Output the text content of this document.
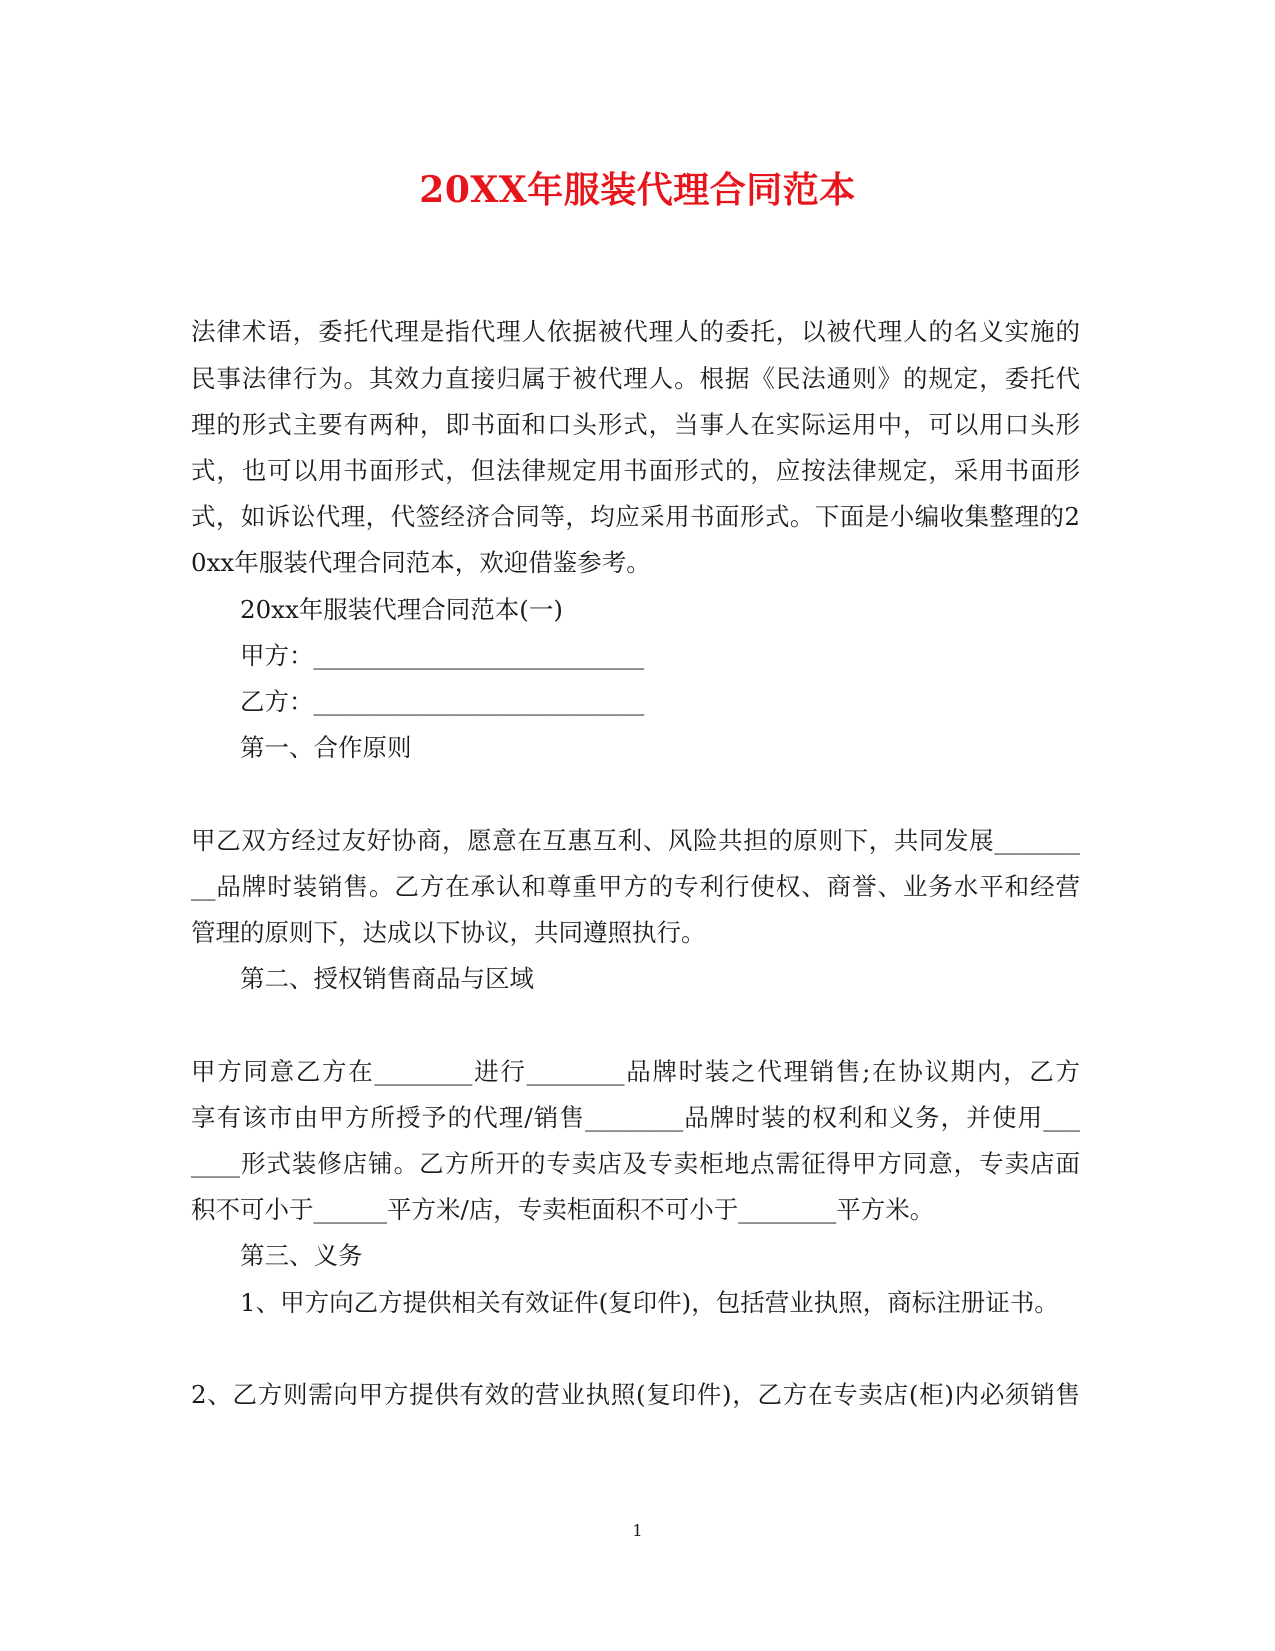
20XX年服装代理合同范本
法律术语，委托代理是指代理人依据被代理人的委托，以被代理人的名义实施的
民事法律行为。其效力直接归属于被代理人。根据《民法通则》的规定，委托代
理的形式主要有两种，即书面和口头形式，当事人在实际运用中，可以用口头形
式，也可以用书面形式，但法律规定用书面形式的，应按法律规定，采用书面形
式，如诉讼代理，代签经济合同等，均应采用书面形式。下面是小编收集整理的2
0xx年服装代理合同范本，欢迎借鉴参考。
20xx年服装代理合同范本(一)
甲方：___________________________
乙方：___________________________
第一、合作原则
甲乙双方经过友好协商，愿意在互惠互利、风险共担的原则下，共同发展_______
__品牌时装销售。乙方在承认和尊重甲方的专利行使权、商誉、业务水平和经营
管理的原则下，达成以下协议，共同遵照执行。
第二、授权销售商品与区域
甲方同意乙方在________进行________品牌时装之代理销售;在协议期内，乙方
享有该市由甲方所授予的代理/销售________品牌时装的权利和义务，并使用___
____形式装修店铺。乙方所开的专卖店及专卖柜地点需征得甲方同意，专卖店面
积不可小于______平方米/店，专卖柜面积不可小于________平方米。
第三、义务
1、甲方向乙方提供相关有效证件(复印件)，包括营业执照，商标注册证书。
2、乙方则需向甲方提供有效的营业执照(复印件)，乙方在专卖店(柜)内必须销售
1
